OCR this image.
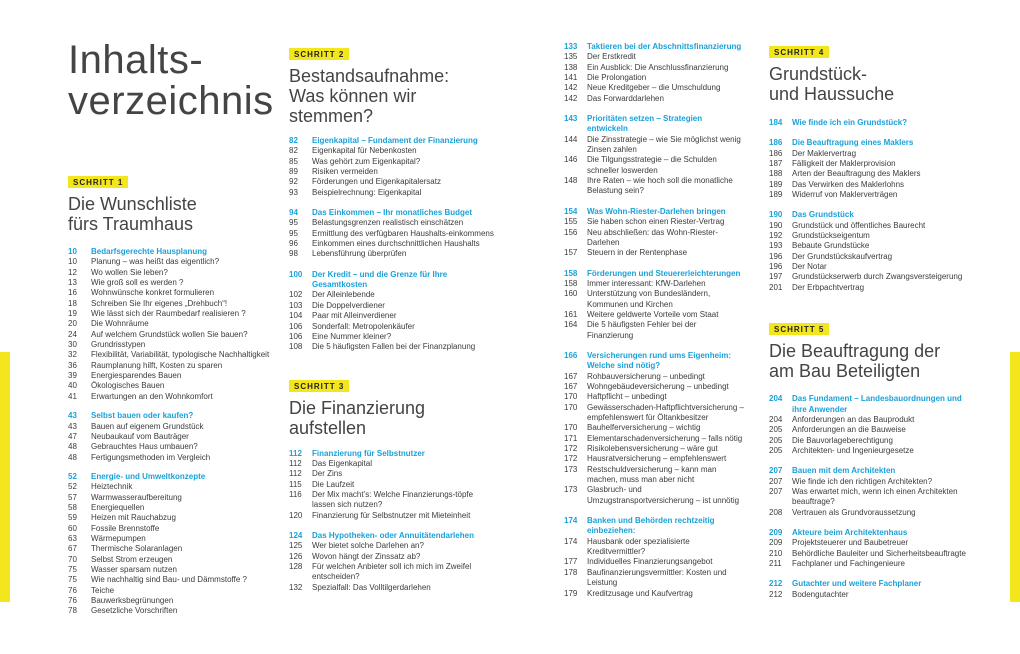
Inhalts-
verzeichnis
SCHRITT 1
Die Wunschliste
fürs Traumhaus
10	Bedarfsgerechte Hausplanung
10	Planung – was heißt das eigentlich?
12	Wo wollen Sie leben?
13	Wie groß soll es werden ?
16	Wohnwünsche konkret formulieren
18	Schreiben Sie Ihr eigenes „Drehbuch“!
19	Wie lässt sich der Raumbedarf realisieren ?
20	Die Wohnräume
24	Auf welchem Grundstück wollen Sie bauen?
30	Grundrisstypen
32	Flexibilität, Variabilität, typologische Nachhaltigkeit
36	Raumplanung hilft, Kosten zu sparen
39	Energiesparendes Bauen
40	Ökologisches Bauen
41	Erwartungen an den Wohnkomfort
43	Selbst bauen oder kaufen?
43	Bauen auf eigenem Grundstück
47	Neubaukauf vom Bauträger
48	Gebrauchtes Haus umbauen?
48	Fertigungsmethoden im Vergleich
52	Energie- und Umweltkonzepte
52	Heiztechnik
57	Warmwasseraufbereitung
58	Energiequellen
59	Heizen mit Rauchabzug
60	Fossile Brennstoffe
63	Wärmepumpen
67	Thermische Solaranlagen
70	Selbst Strom erzeugen
75	Wasser sparsam nutzen
75	Wie nachhaltig sind Bau- und Dämmstoffe ?
76	Teiche
76	Bauwerksbegrünungen
78	Gesetzliche Vorschriften
SCHRITT 2
Bestandsaufnahme:
Was können wir
stemmen?
82	Eigenkapital – Fundament der Finanzierung
82	Eigenkapital für Nebenkosten
85	Was gehört zum Eigenkapital?
89	Risiken vermeiden
92	Förderungen und Eigenkapitalersatz
93	Beispielrechnung: Eigenkapital
94	Das Einkommen – Ihr monatliches Budget
95	Belastungsgrenzen realistisch einschätzen
95	Ermittlung des verfügbaren Haushalts-einkommens
96	Einkommen eines durchschnittlichen Haushalts
98	Lebensführung überprüfen
100	Der Kredit – und die Grenze für Ihre Gesamtkosten
102	Der Alleinlebende
103	Die Doppelverdiener
104	Paar mit Alleinverdiener
106	Sonderfall: Metropolenkäufer
106	Eine Nummer kleiner?
108	Die 5 häufigsten Fallen bei der Finanzplanung
SCHRITT 3
Die Finanzierung
aufstellen
112	Finanzierung für Selbstnutzer
112	Das Eigenkapital
112	Der Zins
115	Die Laufzeit
116	Der Mix macht’s: Welche Finanzierungs-töpfe lassen sich nutzen?
120	Finanzierung für Selbstnutzer mit Mieteinheit
124	Das Hypotheken- oder Annuitätendarlehen
125	Wer bietet solche Darlehen an?
126	Wovon hängt der Zinssatz ab?
128	Für welchen Anbieter soll ich mich im Zweifel entscheiden?
132	Spezialfall: Das Volltilgerdarlehen
133	Taktieren bei der Abschnittsfinanzierung
135	Der Erstkredit
138	Ein Ausblick: Die Anschlussfinanzierung
141	Die Prolongation
142	Neue Kreditgeber – die Umschuldung
142	Das Forwarddarlehen
143	Prioritäten setzen – Strategien entwickeln
144	Die Zinsstrategie – wie Sie möglichst wenig Zinsen zahlen
146	Die Tilgungsstrategie – die Schulden schneller loswerden
148	Ihre Raten – wie hoch soll die monatliche Belastung sein?
154	Was Wohn-Riester-Darlehen bringen
155	Sie haben schon einen Riester-Vertrag
156	Neu abschließen: das Wohn-Riester-Darlehen
157	Steuern in der Rentenphase
158	Förderungen und Steuererleichterungen
158	Immer interessant: KfW-Darlehen
160	Unterstützung von Bundesländern, Kommunen und Kirchen
161	Weitere geldwerte Vorteile vom Staat
164	Die 5 häufigsten Fehler bei der Finanzierung
166	Versicherungen rund ums Eigenheim: Welche sind nötig?
167	Rohbauversicherung – unbedingt
167	Wohngebäudeversicherung – unbedingt
170	Haftpflicht – unbedingt
170	Gewässerschaden-Haftpflichtversicherung – empfehlenswert für Öltankbesitzer
170	Bauhelferversicherung – wichtig
171	Elementarschadenversicherung – falls nötig
172	Risikolebensversicherung – wäre gut
172	Hausratversicherung – empfehlenswert
173	Restschuldversicherung – kann man machen, muss man aber nicht
173	Glasbruch- und Umzugstransportversicherung – ist unnötig
174	Banken und Behörden rechtzeitig einbeziehen:
174	Hausbank oder spezialisierte Kreditvermittler?
177	Individuelles Finanzierungsangebot
178	Baufinanzierungsvermittler: Kosten und Leistung
179	Kreditzusage und Kaufvertrag
SCHRITT 4
Grundstück-
und Haussuche
184	Wie finde ich ein Grundstück?
186	Die Beauftragung eines Maklers
186	Der Maklervertrag
187	Fälligkeit der Maklerprovision
188	Arten der Beauftragung des Maklers
189	Das Verwirken des Maklerlohns
189	Widerruf von Maklerverträgen
190	Das Grundstück
190	Grundstück und öffentliches Baurecht
192	Grundstückseigentum
193	Bebaute Grundstücke
196	Der Grundstückskaufvertrag
196	Der Notar
197	Grundstückserwerb durch Zwangsversteigerung
201	Der Erbpachtvertrag
SCHRITT 5
Die Beauftragung der
am Bau Beteiligten
204	Das Fundament – Landesbauordnungen und ihre Anwender
204	Anforderungen an das Bauprodukt
205	Anforderungen an die Bauweise
205	Die Bauvorlageberechtigung
205	Architekten- und Ingenieurgesetze
207	Bauen mit dem Architekten
207	Wie finde ich den richtigen Architekten?
207	Was erwartet mich, wenn ich einen Architekten beauftrage?
208	Vertrauen als Grundvoraussetzung
209	Akteure beim Architektenhaus
209	Projektsteuerer und Baubetreuer
210	Behördliche Bauleiter und Sicherheitsbeauftragte
211	Fachplaner und Fachingenieure
212	Gutachter und weitere Fachplaner
212	Bodengutachter
